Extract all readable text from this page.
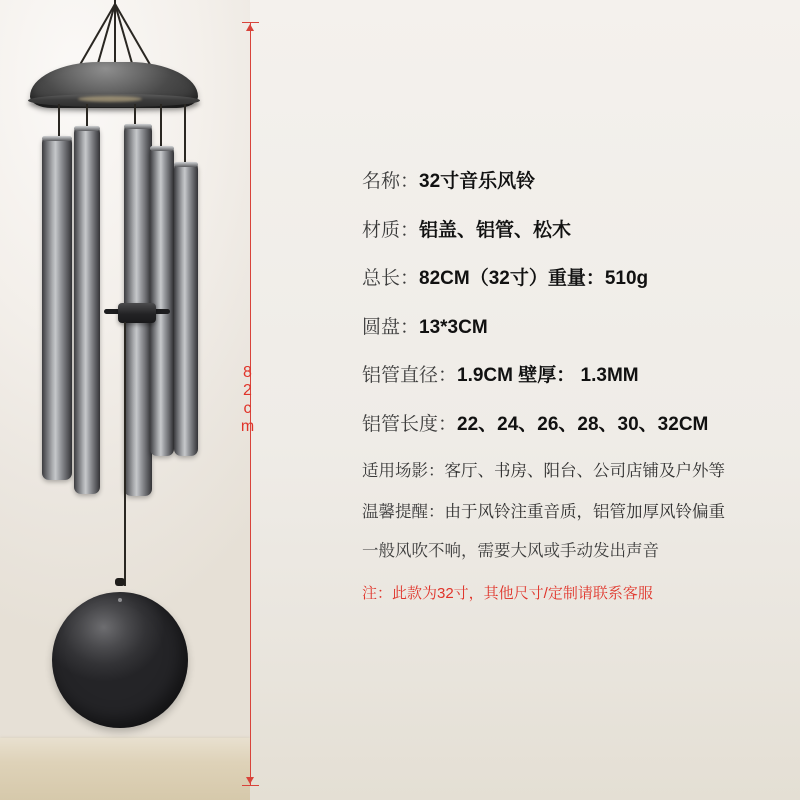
82cm
名称：32寸音乐风铃
材质：铝盖、铝管、松木
总长：82CM（32寸）重量：510g
圆盘：13*3CM
铝管直径：1.9CM 壁厚： 1.3MM
铝管长度：22、24、26、28、30、32CM
适用场影：客厅、书房、阳台、公司店铺及户外等
温馨提醒：由于风铃注重音质，铝管加厚风铃偏重
一般风吹不响，需要大风或手动发出声音
注：此款为32寸，其他尺寸/定制请联系客服
